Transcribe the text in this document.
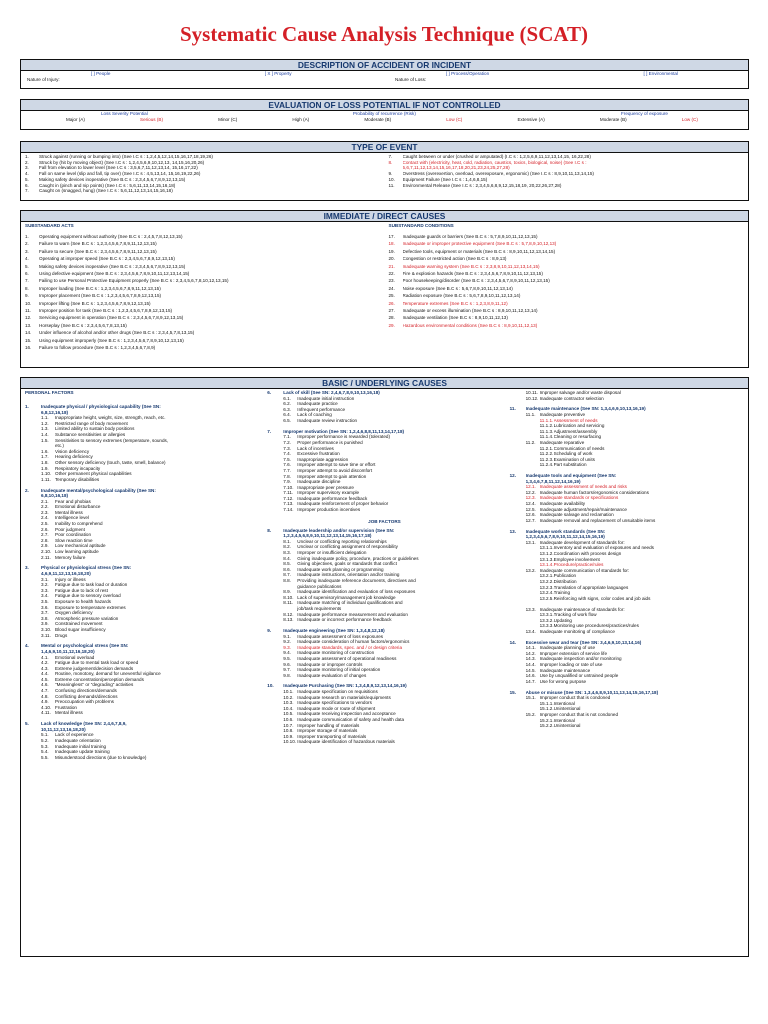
Systematic Cause Analysis Technique (SCAT)
DESCRIPTION OF ACCIDENT OR INCIDENT
[ ] People	[ X ] Property	[ ] Process/Operation	[ ] Environmental
Nature of Injury:	Nature of Loss:
EVALUATION OF LOSS POTENTIAL IF NOT CONTROLLED
Loss Severity Potential	Probability of recurrence (Risk)	Frequency of exposure
Major (A)	Serious (B)	Minor (C)	High (A)	Moderate (B)	Low (C)	Extensive (A)	Moderate (B)	Low (C)
TYPE OF EVENT
1.	Struck against (running or bumping into) (See I.C s : 1,2,4,5,12,14,15,16,17,18,19,26)
2.	Struck by (hit by moving object) (See I.C s : 1,2,4,5,6,9,10,12,13, 14,15,16,20,26)
3.	Fall from elevation to lower level (See I.C s : 3,5,6,7,11,12,13,14, 15,16,17,22)
4.	Fall on same level (slip and fall, tip over) (See I.C s : 4,5,13,14, 15,16,19,22,26)
5.	Making safety devices inoperative (See B.C s : 2,3,4,5,6,7,8,9,12,13,15)
6.	Caught in (pinch and nip points) (See I.C s : 5,6,11,13,14,15,16,18)
7.	Caught on (snagged, hung) (See I.C s : 5,6,11,12,13,14,15,16,18)
7.	Caught between or under (crushed or amputated) (I.C s : 1,2,5,6,9,11,12,13,14,15, 16,22,28)
8.	Contact with (electricity, heat, cold, radiation, caustics, toxics, biological, noise) (See I.C s :
5,6,7,11,12,13,14,15,16,17,18,20,21,23,24,25,27,28)
9.	Overstress (overexertion, overload, overexposure, ergonomic) (See I.C s : 8,9,10,11,13,14,15)
10.	Equipment Failure (See I.C s : 1,4,6,8,15)
11.	Environmental Release (See I.C s : 2,3,4,5,6,8,9,12,15,18,19, 20,22,26,27,28)
IMMEDIATE / DIRECT CAUSES
SUBSTANDARD ACTS
1.	Operating equipment without authority (See B.C s : 2,4,5,7,8,12,13,15)
2.	Failure to warn (See B.C s : 1,2,3,4,5,6,7,8,9,11,12,13,15)
3.	Failure to secure (See B.C s : 2,3,4,5,6,7,8,9,11,12,13,15)
4.	Operating at improper speed (See B.C s : 2,3,4,5,6,7,8,9,12,13,15)
5.	Making safety devices inoperative (See B.C s : 2,3,4,5,6,7,8,9,12,13,15)
6.	Using defective equipment (See B.C s : 2,3,4,5,6,7,8,9,10,11,12,13,14,15)
7.	Failing to use Personal Protective Equipment properly (See B.C s : 2,3,4,5,6,7,8,10,12,13,15)
8.	Improper loading (See B.C s : 1,2,3,4,5,6,7,8,9,11,12,13,15)
9.	Improper placement (See B.C s : 1,2,3,4,5,6,7,8,9,12,13,15)
10.	Improper lifting (See B.C s : 1,2,3,4,5,6,7,8,9,12,13,15)
11.	Improper position for task (See B.C s : 1,2,3,4,5,6,7,8,9,12,13,15)
12.	Servicing equipment in operation (See B.C s : 2,3,4,5,6,7,8,9,12,13,15)
13.	Horseplay (See B.C s : 2,3,4,5,6,7,8,13,15)
14.	Under influence of alcohol and/or other drugs (See B.C s : 2,3,4,5,7,8,13,15)
15.	Using equipment improperly (See B.C s : 1,2,3,4,5,6,7,8,9,10,12,13,15)
16.	Failure to follow procedure (See B.C s : 1,2,3,4,5,6,7,8,9)
SUBSTANDARD CONDITIONS
17.	Inadequate guards or barriers (See B.C s : 5,7,8,9,10,11,12,13,15)
18.	Inadequate or improper protective equipment (See B.C s : 5,7,8,9,10,12,13)
19.	Defective tools, equipment or materials (See B.C s : 8,9,10,11,12,13,14,15)
20.	Congestion or restricted action (See B.C s : 8,9,13)
21.	Inadequate warning system (See B.C s : 2,3,8,9,10,11,12,13,14,15)
22.	Fire & explosion hazards (See B.C s : 2,3,4,5,6,7,8,9,10,11,12,13,15)
23.	Poor housekeeping/disorder (See B.C s : 2,3,4,5,6,7,8,9,10,11,12,13,15)
24.	Noise exposure (See B.C s : 5,6,7,8,9,10,11,12,13,14)
25.	Radiation exposure (See B.C s : 5,6,7,8,9,10,11,12,13,14)
26.	Temperature extremes (See B.C s : 1,2,3,8,9,11,12)
27.	Inadequate or excess illumination (See B.C s : 8,9,10,11,12,13,14)
28.	Inadequate ventilation (See B.C s : 8,9,10,11,12,13)
29.	Hazardous environmental conditions (See B.C s : 8,9,10,11,12,13)
BASIC / UNDERLYING CAUSES
PERSONAL FACTORS
1.	Inadequate physical / physiological capability (See SN:
6,8,12,16,18)
1.1.	Inappropriate height, weight, size, strength, reach, etc.
1.2.	Restricted range of body movement
1.3.	Limited ability to sustain body positions
1.4.	Substance sensitivities or allergies
1.5.	Sensitivities to sensory extremes (temperature, sounds,
etc.)
1.6.	Vision deficiency
1.7.	Hearing deficiency
1.8.	Other sensory deficiency (touch, taste, smell, balance)
1.9.	Respiratory incapacity
1.10. Other permanent physical capabilities
1.11. Temporary disabilities
2.	Inadequate mental/psychological capability (See SN:
6,8,10,16,18)
2.1.	Fear and phobias
2.2.	Emotional disturbance
2.3.	Mental illness
2.4.	Intelligence level
2.5.	Inability to comprehend
2.6.	Poor judgment
2.7.	Poor coordination
2.8.	Slow reaction time
2.9.	Low mechanical aptitude
2.10. Low learning aptitude
2.11. Memory failure
3.	Physical or physiological stress (See SN:
4,6,9,11,12,13,16,18,20)
3.1.	Injury or illness
3.2.	Fatigue due to task load or duration
3.3.	Fatigue due to lack of rest
3.4.	Fatigue due to sensory overload
3.5.	Exposure to health hazards
3.6.	Exposure to temperature extremes
3.7.	Oxygen deficiency
3.8.	Atmospheric pressure variation
3.9.	Constrained movement
3.10. Blood sugar insufficiency
3.11. Drugs
4.	Mental or psychological stress (See SN:
1,4,6,9,10,11,12,16,18,20)
4.1.	Emotional overload
4.2.	Fatigue due to mental task load or speed
4.3.	Extreme judgement/decision demands
4.4.	Routine, monotony, demand for uneventful vigilance
4.5.	Extreme concentration/perception demands
4.6.	"Meaningless" or "degrading" activities
4.7.	Confusing directions/demands
4.8.	Conflicting demands/directions
4.9.	Preoccupation with problems
4.10. Frustration
4.11. Mental illness
5.	Lack of knowledge (See SN: 2,4,6,7,8,9,
10,11,12,13,16,18,20)
5.1.	Lack of experience
5.2.	Inadequate orientation
5.3.	Inadequate initial training
5.4.	Inadequate update training
5.5.	Misunderstood directions (due to knowledge)
6.	Lack of skill (See SN: 2,4,6,7,8,9,10,13,16,18)
6.1.	Inadequate initial instruction
6.2.	Inadequate practice
6.3.	Infrequent performance
6.4.	Lack of coaching
6.5.	Inadequate review instruction
7.	Improper motivation (See SN: 1,2,4,6,8,8,11,13,14,17,18)
7.1.	Improper performance is rewarded (tolerated)
7.2.	Proper performance is punished
7.3.	Lack of incentives
7.4.	Excessive frustration
7.5.	Inappropriate aggression
7.6.	Improper attempt to save time or effort
7.7.	Improper attempt to avoid discomfort
7.8.	Improper attempt to gain attention
7.9.	Inadequate discipline
7.10. Inappropriate peer pressure
7.11. Improper supervisory example
7.12. Inadequate performance feedback
7.13. Inadequate reinforcement of proper behavior
7.14. Improper production incentives
JOB FACTORS
8.	Inadequate leadership and/or supervision (See SN:
1,2,3,4,5,6,8,9,10,11,12,13,14,15,16,17,18)
8.1.	Unclear or conflicting reporting relationships
8.2.	Unclear or conflicting assignment of responsibility
8.3.	Improper or insufficient delegation
8.4.	Giving inadequate policy, procedure, practices or guidelines
8.5.	Giving objectives, goals or standards that conflict
8.6.	Inadequate work planning or programming
8.7.	Inadequate instructions, orientation and/or training
8.8.	Providing inadequate reference documents, directives and
guidance publications
8.9.	Inadequate identification and evaluation of loss exposures
8.10. Lack of supervisory/management job knowledge
8.11. Inadequate matching of individual qualifications and
job/task requirements
8.12. Inadequate performance measurement and evaluation
8.13. Inadequate or incorrect performance feedback
9.	Inadequate engineering (See SN: 1,3,4,8,12,18)
9.1.	Inadequate assessment of loss exposures
9.2.	Inadequate consideration of human factors/ergonomics
9.3.	Inadequate standards, spec. and / or design criteria
9.4.	Inadequate monitoring of construction
9.5.	Inadequate assessment of operational readiness
9.6.	Inadequate or improper controls
9.7.	Inadequate monitoring of initial operation
9.8.	Inadequate evaluation of changes
10.	Inadequate Purchasing (See SN: 1,3,4,8,9,12,13,14,16,19)
10.1. Inadequate specification on requisitions
10.2. Inadequate research on materials/equipments
10.3. Inadequate specifications to vendors
10.4. Inadequate mode or route of shipment
10.5. Inadequate receiving inspection and acceptance
10.6. Inadequate communication of safety and health data
10.7. Improper handling of materials
10.8. Improper storage of materials
10.9. Improper transporting of materials
10.10. Inadequate identification of hazardous materials
10.11. Improper salvage and/or waste disposal
10.12. Inadequate contractor selection
11.	Inadequate maintenance (See SN: 1,3,4,6,9,10,13,16,19)
11.1. Inadequate preventive
11.1.1. Assessment of needs
11.1.2. Lubrication and servicing
11.1.3. Adjustment/assembly
11.1.4. Cleaning or resurfacing
11.2. Inadequate reparative
11.2.1. Communication of needs
11.2.2. Scheduling of work
11.2.3. Examination of units
11.2.4. Part substitution
12.	Inadequate tools and equipment (See SN:
1,3,4,6,7,8,11,12,14,16,19)
12.1. Inadequate assessment of needs and risks
12.2. Inadequate human factors/ergonomics considerations
12.3. Inadequate standards or specifications
12.4. Inadequate availability
12.5. Inadequate adjustment/repair/maintenance
12.6. Inadequate salvage and reclamation
12.7. Inadequate removal and replacement of unsuitable items
13.	Inadequate work standards (See SN:
1,2,3,4,5,6,7,8,9,10,11,12,14,15,16,19)
13.1. Inadequate development of standards for:
13.1.1. Inventory and evaluation of exposures and needs
13.1.2. Coordination with process design
13.1.3. Employee involvement
13.1.4. Procedure/practice/rules
13.2. Inadequate communication of standards for:
13.2.1. Publication
13.2.2. Distribution
13.2.3. Translation of appropriate languages
13.2.4. Training
13.2.5. Reinforcing with signs, color codes and job aids
13.3. Inadequate maintenance of standards for:
13.3.1. Tracking of work flow
13.3.2. Updating
13.3.3. Monitoring use procedures/practices/rules
13.4. Inadequate monitoring of compliance
14.	Excessive wear and tear (See SN: 3,4,6,9,10,13,14,16)
14.1. Inadequate planning of use
14.2. Improper extension of service life
14.3. Inadequate inspection and/or monitoring
14.4. Improper loading or rate of use
14.5. Inadequate maintenance
14.6. Use by unqualified or untrained people
14.7. Use for wrong purpose
15.	Abuse or misuse (See SN: 1,3,4,6,8,9,10,11,13,14,15,16,17,18)
15.1. Improper conduct that is condoned
15.1.1. Intentional
15.1.2. Unintentional
15.2. Improper conduct that is not condoned
15.2.1. Intentional
15.2.2. Unintentional
